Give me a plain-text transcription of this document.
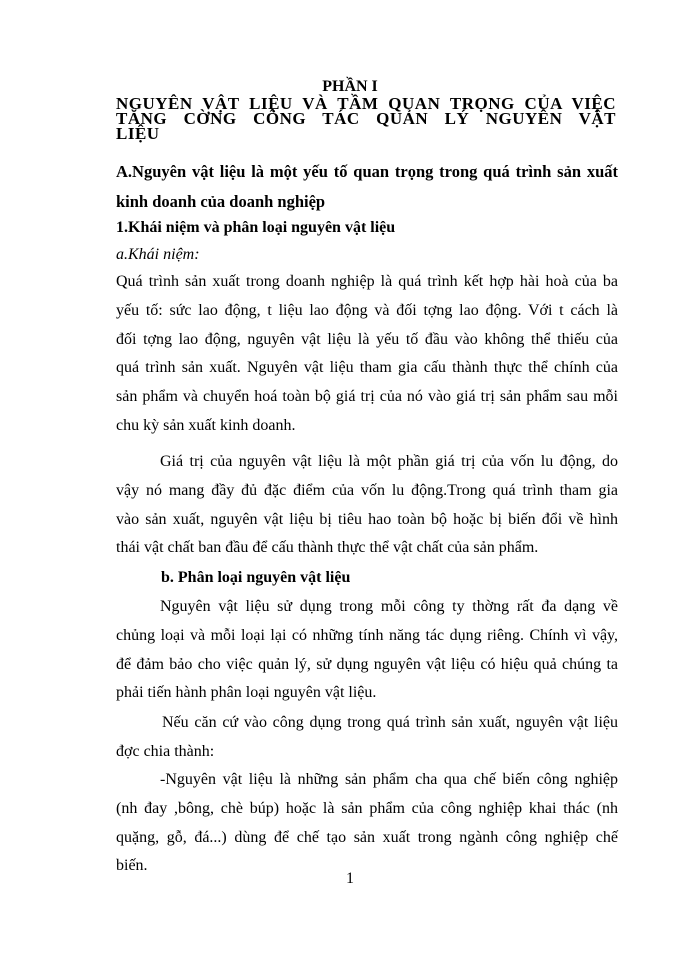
PHẦN I
NGUYÊN VẬT LIỆU VÀ TẦM QUAN TRỌNG CỦA VIỆC
TĂNG CỜNG CÔNG TÁC QUẢN LÝ NGUYÊN VẬT
LIỆU
A.Nguyên vật liệu là một yếu tố quan trọng trong quá trình sản xuất kinh doanh của doanh nghiệp
1.Khái niệm và phân loại nguyên vật liệu
a.Khái niệm:
Quá trình sản xuất trong doanh nghiệp là quá trình kết hợp hài hoà của ba
yếu tố: sức lao động, t liệu lao động và đối tợng lao động. Với t cách là
đối tợng lao động, nguyên vật liệu là yếu tố đầu vào không thể thiếu của
quá trình sản xuất. Nguyên vật liệu tham gia cấu thành thực thể chính của
sản phẩm và chuyển hoá toàn bộ giá trị của nó vào giá trị sản phẩm sau mỗi
chu kỳ sản xuất kinh doanh.
Giá trị của nguyên vật liệu là một phần giá trị của vốn lu động, do
vậy nó mang đầy đủ đặc điểm của vốn lu động.Trong quá trình tham gia
vào sản xuất, nguyên vật liệu bị tiêu hao toàn bộ hoặc bị biến đổi về hình
thái vật chất ban đầu để cấu thành thực thể vật chất của sản phẩm.
b. Phân loại nguyên vật liệu
Nguyên vật liệu sử dụng trong mỗi công ty thờng rất đa dạng về
chủng loại và mỗi loại lại có những tính năng tác dụng riêng. Chính vì vậy,
để đảm bảo cho việc quản lý, sử dụng nguyên vật liệu có hiệu quả chúng ta
phải tiến hành phân loại nguyên vật liệu.
Nếu căn cứ vào công dụng trong quá trình sản xuất, nguyên vật liệu
đợc chia thành:
-Nguyên vật liệu là những sản phẩm cha qua chế biến công nghiệp
(nh đay ,bông, chè búp) hoặc là sản phẩm của công nghiệp khai thác (nh
quặng, gỗ, đá...) dùng để chế tạo sản xuất trong ngành công nghiệp chế
biến.
1
